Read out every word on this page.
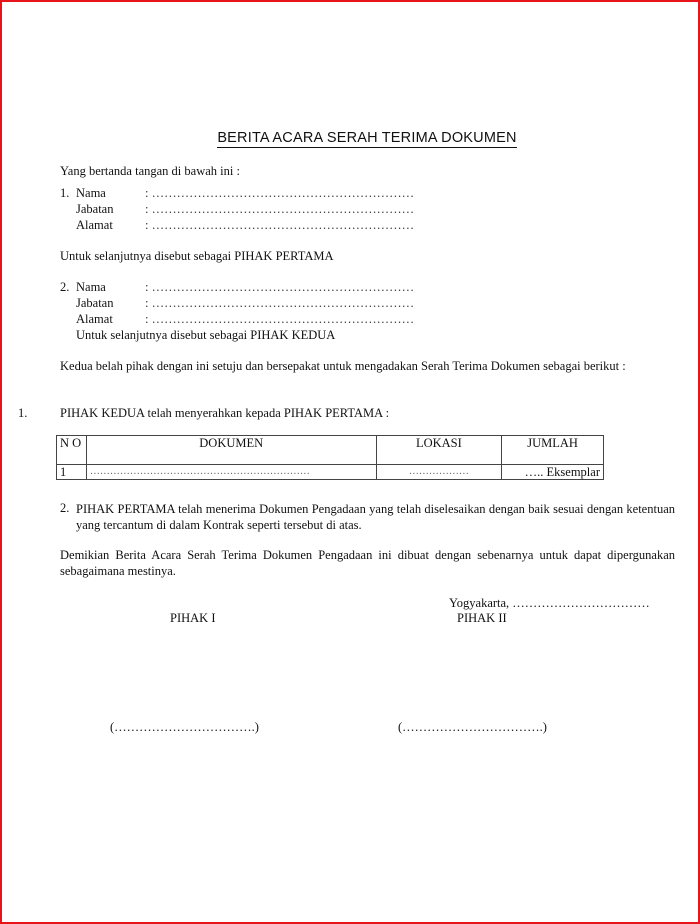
BERITA ACARA SERAH TERIMA DOKUMEN
Yang bertanda tangan di bawah ini :
1. Nama	: ………………………………………………………
Jabatan	: ………………………………………………………
Alamat	: ………………………………………………………
Untuk selanjutnya disebut sebagai PIHAK PERTAMA
2. Nama	: ………………………………………………………
Jabatan	: ………………………………………………………
Alamat	: ………………………………………………………
Untuk selanjutnya disebut sebagai PIHAK KEDUA
Kedua belah pihak dengan ini setuju dan bersepakat untuk mengadakan Serah Terima Dokumen sebagai berikut :
1.	PIHAK KEDUA telah menyerahkan kepada PIHAK PERTAMA :
N O	DOKUMEN	LOKASI	JUMLAH
1	…………………………………………………………	………………	….. Eksemplar
2. PIHAK PERTAMA telah menerima Dokumen Pengadaan yang telah diselesaikan dengan baik sesuai dengan ketentuan yang tercantum di dalam Kontrak seperti tersebut di atas.
Demikian Berita Acara Serah Terima Dokumen Pengadaan ini dibuat dengan sebenarnya untuk dapat dipergunakan sebagaimana mestinya.
Yogyakarta, ……………………………
PIHAK I	PIHAK II
(…………………………….)	(…………………………….)
